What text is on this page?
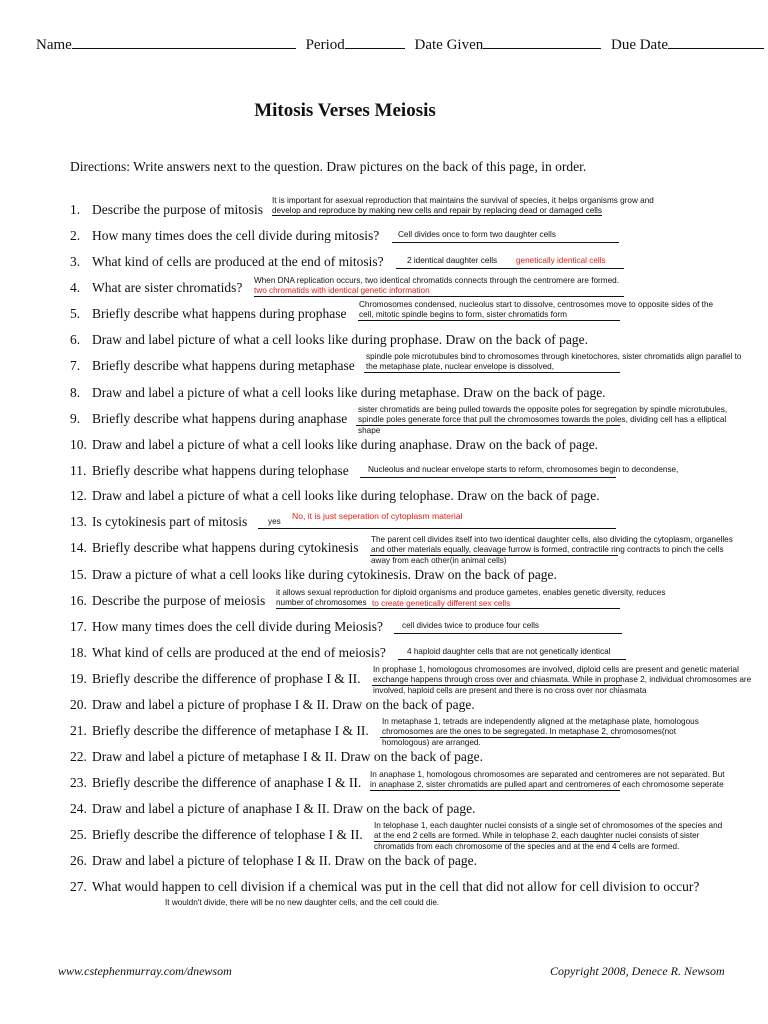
Name	Period	Date Given	Due Date
Mitosis Verses Meiosis
Directions: Write answers next to the question. Draw pictures on the back of this page, in order.
1. Describe the purpose of mitosis
It is important for asexual reproduction that maintains the survival of species, it helps organisms grow and
develop and reproduce by making new cells and repair by replacing dead or damaged cells
2. How many times does the cell divide during mitosis? Cell divides once to form two daughter cells
3. What kind of cells are produced at the end of mitosis?	2 identical daughter cells genetically identical cells
4. What are sister chromatids? When DNA replication occurs, two identical chromatids connects through the centromere are formed.
two chromatids with identical genetic information
5. Briefly describe what happens during prophase
Chromosomes condensed, nucleolus start to dissolve, centrosomes move to opposite sides of the
cell, mitotic spindle begins to form, sister chromatids form
6. Draw and label picture of what a cell looks like during prophase. Draw on the back of page.
7. Briefly describe what happens during metaphase
spindle pole microtubules bind to chromosomes through kinetochores, sister chromatids align parallel to
the metaphase plate, nuclear envelope is dissolved,
8. Draw and label a picture of what a cell looks like during metaphase. Draw on the back of page.
9. Briefly describe what happens during anaphase
sister chromatids are being pulled towards the opposite poles for segregation by spindle microtubules,
spindle poles generate force that pull the chromosomes towards the poles, dividing cell has a elliptical
shape
10. Draw and label a picture of what a cell looks like during anaphase. Draw on the back of page.
11. Briefly describe what happens during telophase Nucleolus and nuclear envelope starts to reform, chromosomes begin to decondense,
12. Draw and label a picture of what a cell looks like during telophase. Draw on the back of page.
13. Is cytokinesis part of mitosis	yes
No, it is just seperation of cytoplasm material
14. Briefly describe what happens during cytokinesis
The parent cell divides itself into two identical daughter cells, also dividing the cytoplasm, organelles
and other materials equally, cleavage furrow is formed, contractile ring contracts to pinch the cells
away from each other(in animal cells)
15. Draw a picture of what a cell looks like during cytokinesis. Draw on the back of page.
16. Describe the purpose of meiosis
it allows sexual reproduction for diploid organisms and produce gametes, enables genetic diversity, reduces
number of chromosomes to create genetically different sex cells
17. How many times does the cell divide during Meiosis? cell divides twice to produce four cells
18. What kind of cells are produced at the end of meiosis?	4 haploid daughter cells that are not genetically identical
19. Briefly describe the difference of prophase I & II.
In prophase 1, homologous chromosomes are involved, diploid cells are present and genetic material
exchange happens through cross over and chiasmata. While in prophase 2, individual chromosomes are
involved, haploid cells are present and there is no cross over nor chiasmata
20. Draw and label a picture of prophase I & II. Draw on the back of page.
21. Briefly describe the difference of metaphase I & II.
In metaphase 1, tetrads are independently aligned at the metaphase plate, homologous
chromosomes are the ones to be segregated. In metaphase 2, chromosomes(not
homologous) are arranged.
22. Draw and label a picture of metaphase I & II. Draw on the back of page.
23. Briefly describe the difference of anaphase I & II.
In anaphase 1, homologous chromosomes are separated and centromeres are not separated. But
in anaphase 2, sister chromatids are pulled apart and centromeres of each chromosome seperate
24. Draw and label a picture of anaphase I & II. Draw on the back of page.
25. Briefly describe the difference of telophase I & II.
In telophase 1, each daughter nuclei consists of a single set of chromosomes of the species and
at the end 2 cells are formed. While in telophase 2, each daughter nuclei consists of sister
chromatids from each chromosome of the species and at the end 4 cells are formed.
26. Draw and label a picture of telophase I & II. Draw on the back of page.
27. What would happen to cell division if a chemical was put in the cell that did not allow for cell division to occur?
It wouldn't divide, there will be no new daughter cells, and the cell could die.
www.cstephenmurray.com/dnewsom	Copyright 2008, Denece R. Newsom
